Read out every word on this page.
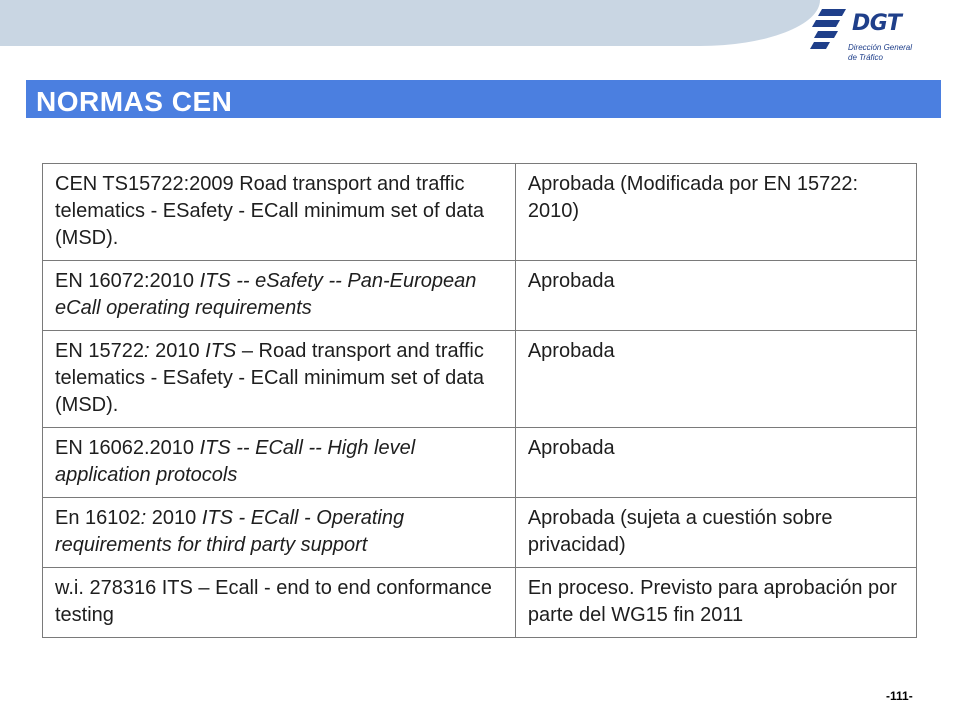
DGT
Dirección General
de Tráfico
NORMAS CEN
CEN TS15722:2009 Road transport and traffic telematics - ESafety - ECall minimum set of data (MSD).	Aprobada (Modificada por EN 15722: 2010)
EN 16072:2010 ITS -- eSafety -- Pan-European eCall operating requirements	Aprobada
EN 15722: 2010 ITS – Road transport and traffic telematics - ESafety - ECall minimum set of data (MSD).	Aprobada
EN 16062.2010 ITS -- ECall -- High level application protocols	Aprobada
En 16102: 2010 ITS - ECall - Operating requirements for third party support	Aprobada (sujeta a cuestión sobre privacidad)
w.i. 278316 ITS – Ecall - end to end conformance testing	En proceso. Previsto para aprobación por parte del WG15 fin 2011
-111-
